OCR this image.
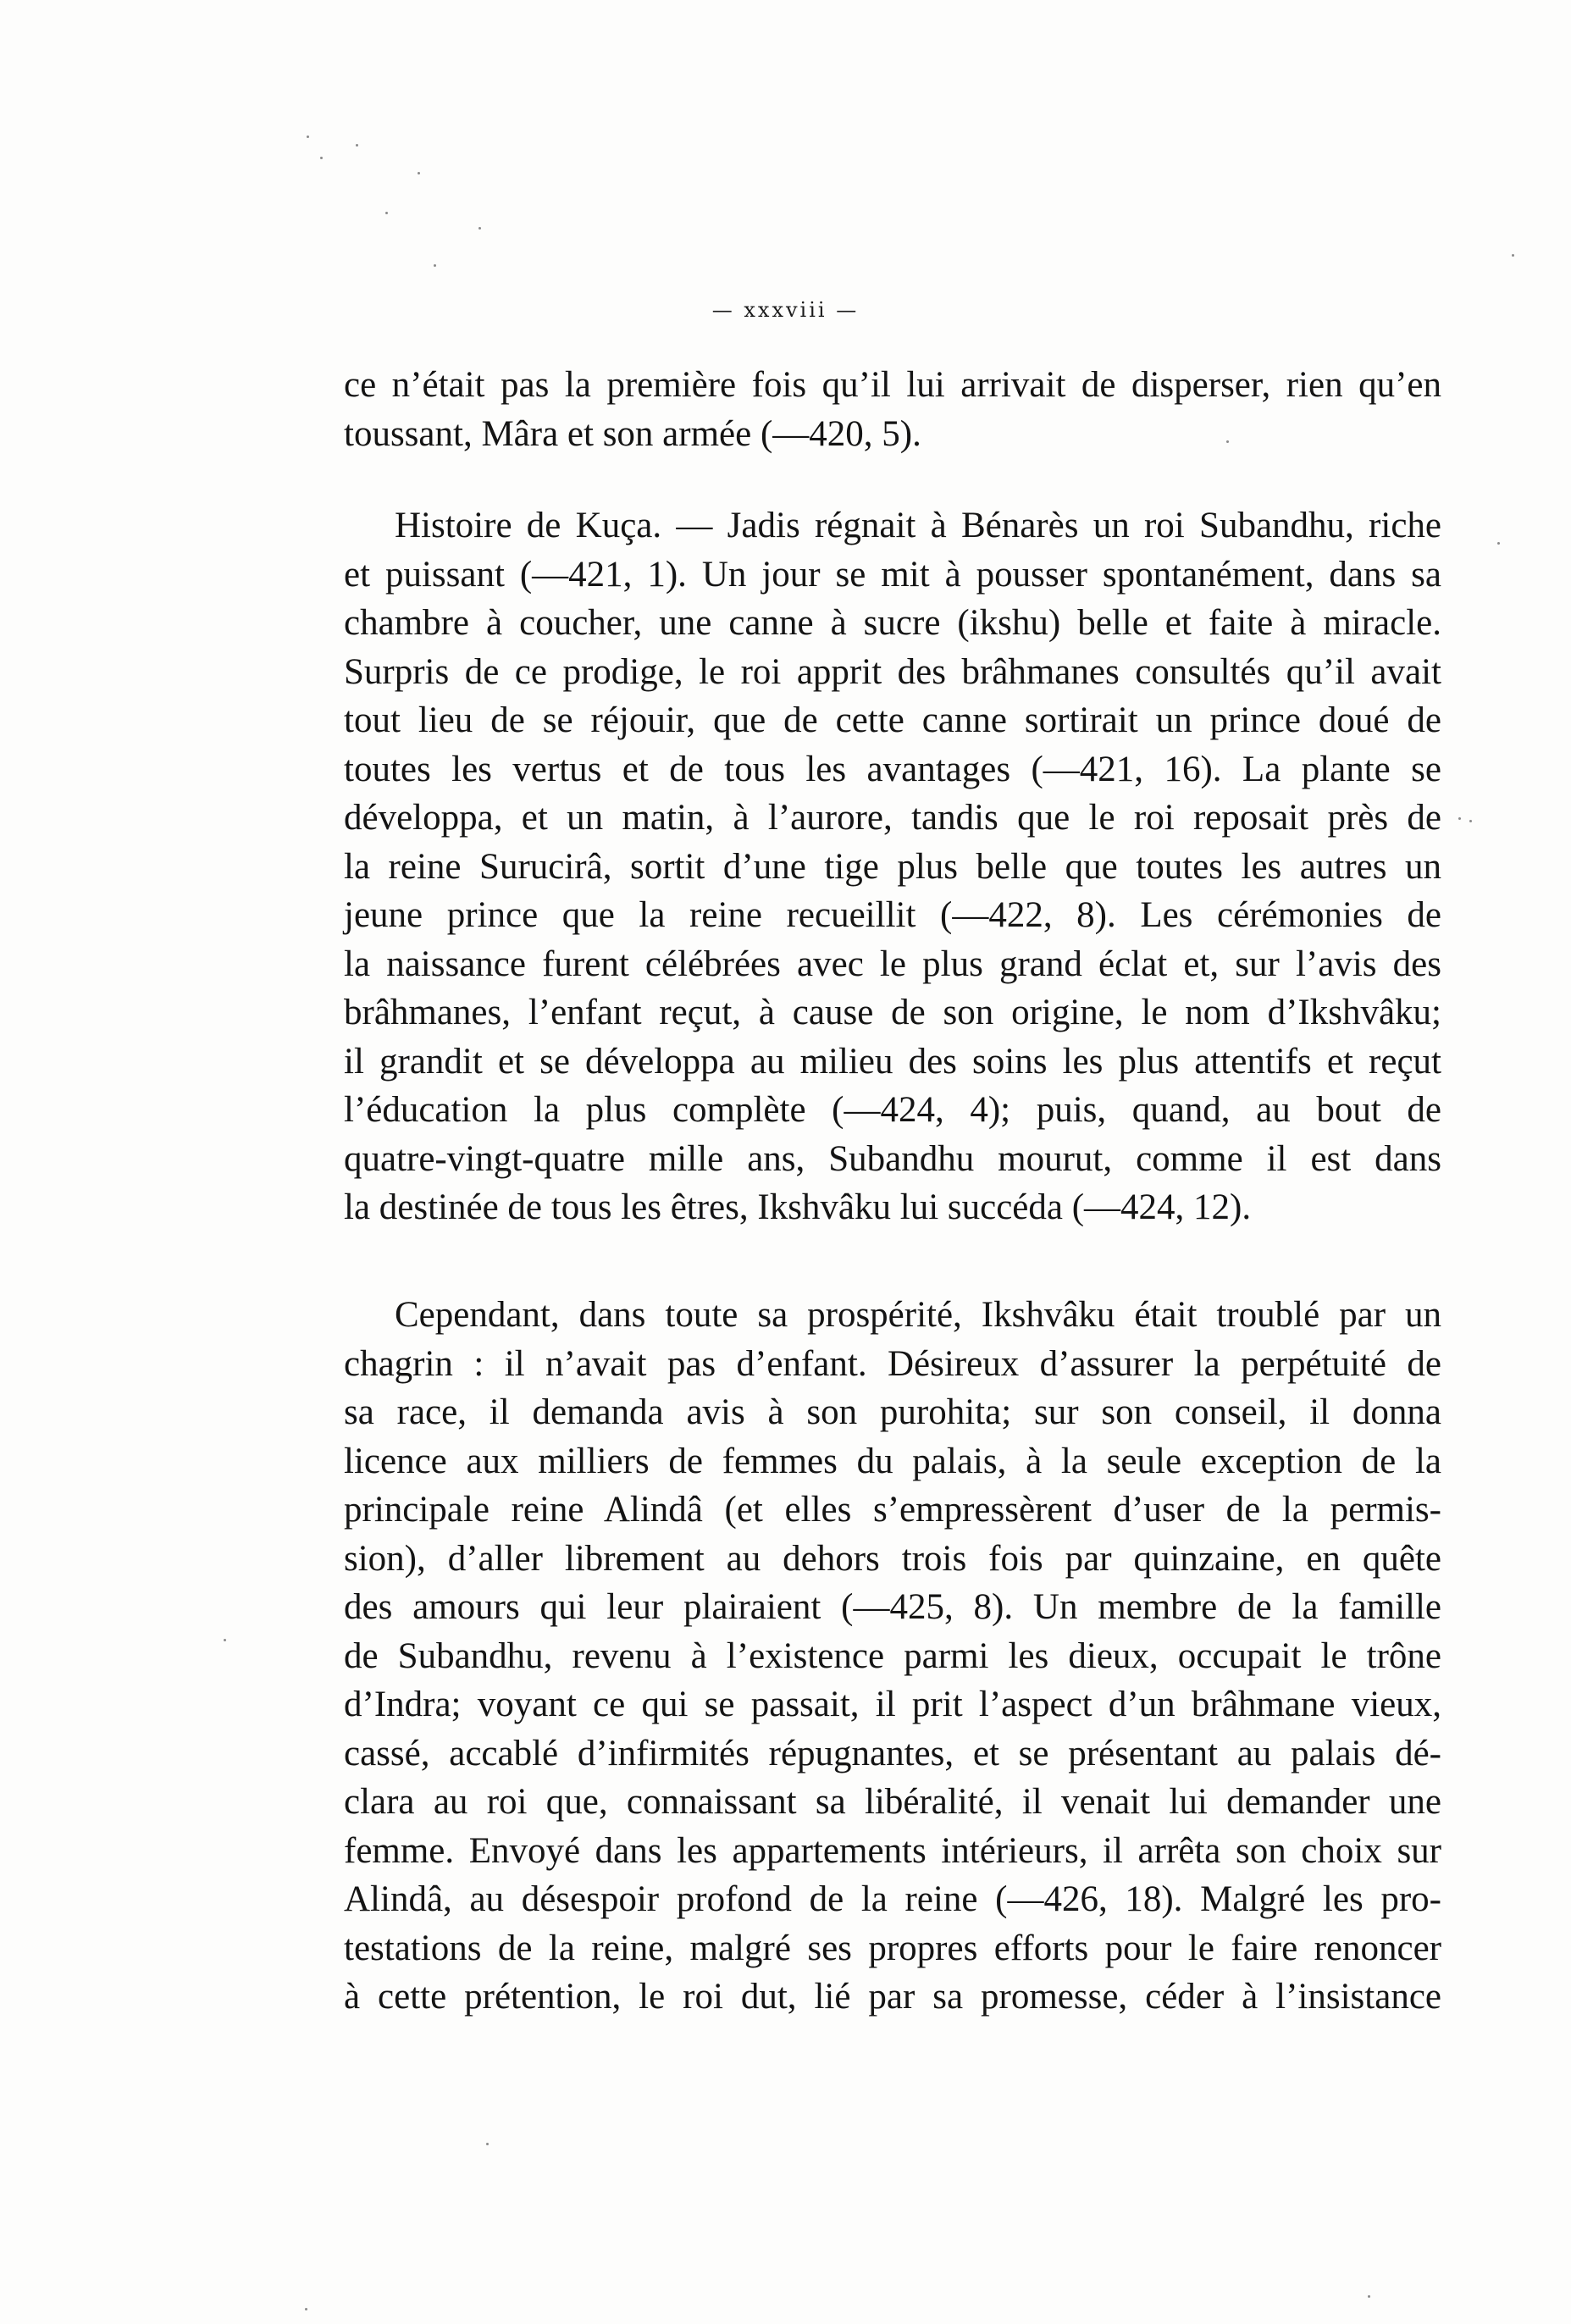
— xxxviii —
ce n’était pas la première fois qu’il lui arrivait de disperser, rien qu’en
toussant, Mâra et son armée (—420, 5).
Histoire de Kuça. — Jadis régnait à Bénarès un roi Subandhu, riche
et puissant (—421, 1). Un jour se mit à pousser spontanément, dans sa
chambre à coucher, une canne à sucre (ikshu) belle et faite à miracle.
Surpris de ce prodige, le roi apprit des brâhmanes consultés qu’il avait
tout lieu de se réjouir, que de cette canne sortirait un prince doué de
toutes les vertus et de tous les avantages (—421, 16). La plante se
développa, et un matin, à l’aurore, tandis que le roi reposait près de
la reine Surucirâ, sortit d’une tige plus belle que toutes les autres un
jeune prince que la reine recueillit (—422, 8). Les cérémonies de
la naissance furent célébrées avec le plus grand éclat et, sur l’avis des
brâhmanes, l’enfant reçut, à cause de son origine, le nom d’Ikshvâku;
il grandit et se développa au milieu des soins les plus attentifs et reçut
l’éducation la plus complète (—424, 4); puis, quand, au bout de
quatre-vingt-quatre mille ans, Subandhu mourut, comme il est dans
la destinée de tous les êtres, Ikshvâku lui succéda (—424, 12).
Cependant, dans toute sa prospérité, Ikshvâku était troublé par un
chagrin : il n’avait pas d’enfant. Désireux d’assurer la perpétuité de
sa race, il demanda avis à son purohita; sur son conseil, il donna
licence aux milliers de femmes du palais, à la seule exception de la
principale reine Alindâ (et elles s’empressèrent d’user de la permis-
sion), d’aller librement au dehors trois fois par quinzaine, en quête
des amours qui leur plairaient (—425, 8). Un membre de la famille
de Subandhu, revenu à l’existence parmi les dieux, occupait le trône
d’Indra; voyant ce qui se passait, il prit l’aspect d’un brâhmane vieux,
cassé, accablé d’infirmités répugnantes, et se présentant au palais dé-
clara au roi que, connaissant sa libéralité, il venait lui demander une
femme. Envoyé dans les appartements intérieurs, il arrêta son choix sur
Alindâ, au désespoir profond de la reine (—426, 18). Malgré les pro-
testations de la reine, malgré ses propres efforts pour le faire renoncer
à cette prétention, le roi dut, lié par sa promesse, céder à l’insistance
